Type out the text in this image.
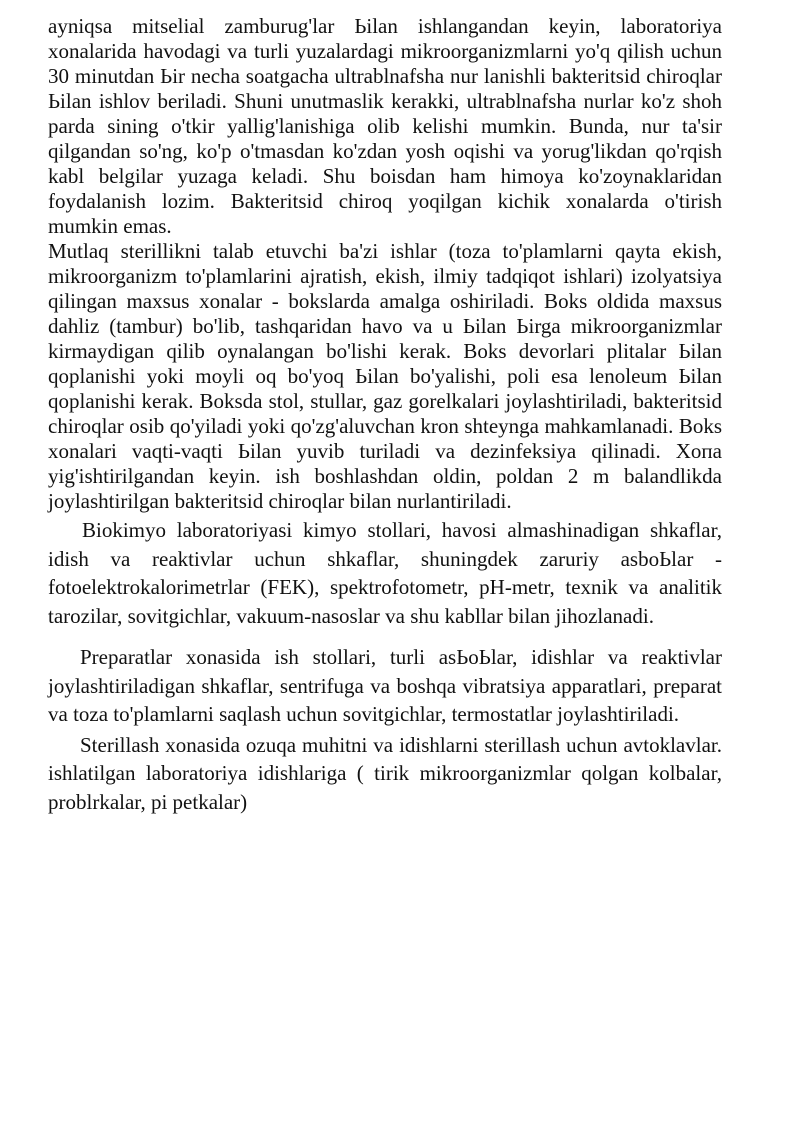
ayniqsa mitselial zamburug'lar Ьilan ishlangandan keyin, laboratoriya xonalarida havodagi va turli yuzalardagi mikroorganizmlarni yo'q qilish uchun 30 minutdan Ьir necha soatgacha ultrablnafsha nur lanishli bakteritsid chiroqlar Ьilan ishlov beriladi. Shuni unutmaslik kerakki, ultrablnafsha nurlar ko'z shoh parda sining o'tkir yallig'lanishiga olib kelishi mumkin. Bunda, nur ta'sir qilgandan so'ng, ko'p o'tmasdan ko'zdan yosh oqishi va yorug'likdan qo'rqish kabl belgilar yuzaga keladi. Shu boisdan ham himoya ko'zoynaklaridan foydalanish lozim. Bakteritsid chiroq yoqilgan kichik xonalarda o'tirish mumkin emas.

Mutlaq sterillikni talab etuvchi ba'zi ishlar (toza to'plamlarni qayta ekish, mikroorganizm to'plamlarini ajratish, ekish, ilmiy tadqiqot ishlari) izolyatsiya qilingan maxsus xonalar - bokslarda amalga oshiriladi. Boks oldida maxsus dahliz (tambur) bo'lib, tashqaridan havo va u Ьilan Ьirga mikroorganizmlar kirmaydigan qilib oynalangan bo'lishi kerak. Boks devorlari plitalar Ьilan qoplanishi yoki moyli oq bo'yoq Ьilan bo'yalishi, poli esa lenoleum Ьilan qoplanishi kerak. Boksda stol, stullar, gaz gorelkalari joylashtiriladi, bakteritsid chiroqlar osib qo'yiladi yoki qo'zg'aluvchan kron shteynga mahkamlanadi. Boks xonalari vaqti-vaqti Ьilan yuvib turiladi va dezinfeksiya qilinadi. Xопа yig'ishtirilgandan keyin. ish boshlashdan oldin, poldan 2 m balandlikda joylashtirilgan bakteritsid chiroqlar bilan nurlantiriladi.

Biokimyo laboratoriyasi kimyo stollari, havosi almashinadigan shkaflar, idish va reaktivlar uchun shkaflar, shuningdek zaruriy asboЬlar - fotoelektrokalorimetrlar (FEK), spektrofotometr, pH-metr, texnik va analitik tarozilar, sovitgichlar, vakuum-nasoslar va shu kabllar bilan jihozlanadi.

Preparatlar xonasida ish stollari, turli asЬoЬlar, idishlar va reaktivlar joylashtiriladigan shkaflar, sentrifuga va boshqa vibratsiya apparatlari, preparat va toza to'plamlarni saqlash uchun sovitgichlar, termostatlar joylashtiriladi.

Sterillash xonasida ozuqa muhitni va idishlarni sterillash uchun avtoklavlar. ishlatilgan laboratoriya idishlariga ( tirik mikroorganizmlar qolgan kolbalar, problrkalar, pi petkalar)
